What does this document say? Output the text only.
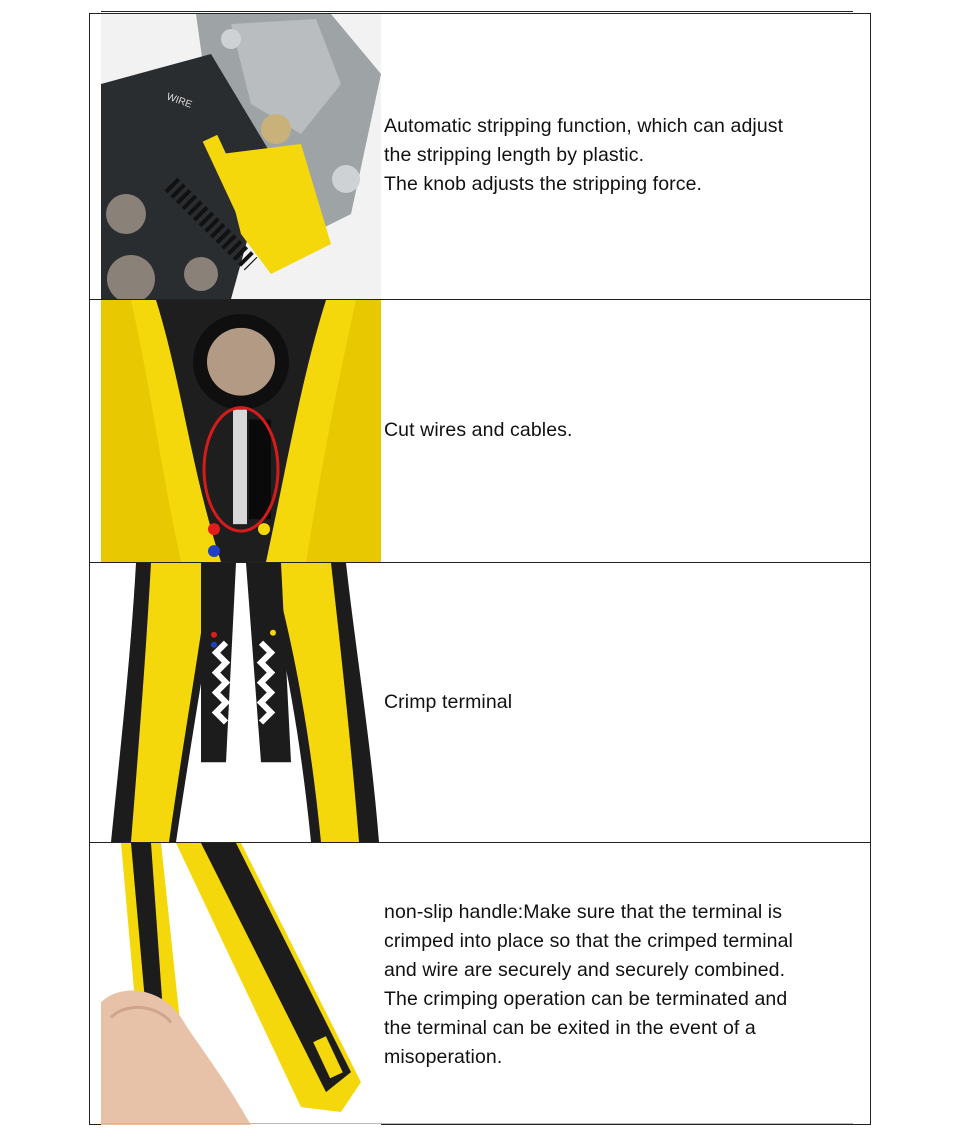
WIRE
Automatic stripping function, which can adjust
the stripping length by plastic.
The knob adjusts the stripping force.
Cut wires and cables.
Crimp terminal
non-slip handle:Make sure that the terminal is
crimped into place so that the crimped terminal
and wire are securely and securely combined.
The crimping operation can be terminated and
the terminal can be exited in the event of a
misoperation.
